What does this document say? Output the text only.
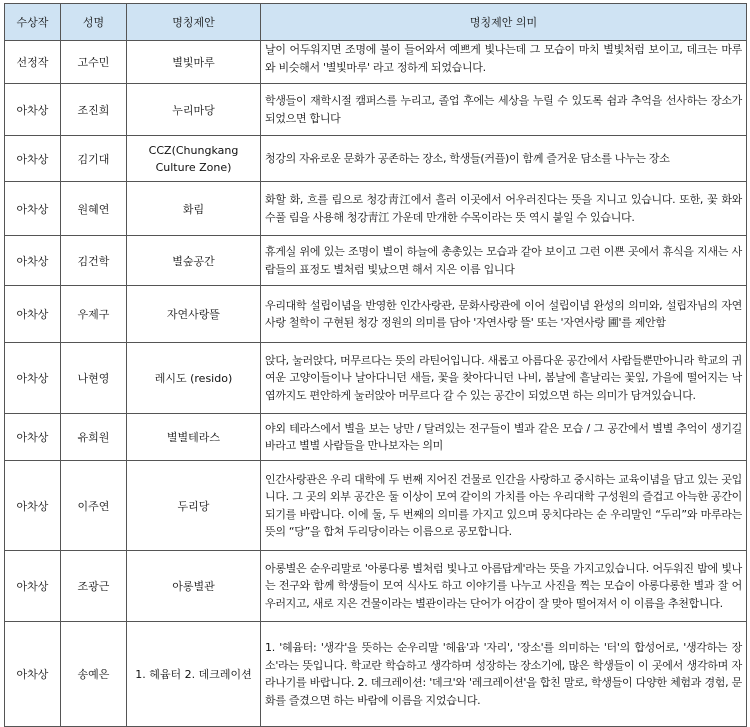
수상작	성명	명칭제안	명칭제안 의미
선정작	고수민	별빛마루	날이 어두워지면 조명에 불이 들어와서 예쁘게 빛나는데 그 모습이 마치 별빛처럼 보이고, 데크는 마루와 비슷해서 '별빛마루' 라고 정하게 되었습니다.
아차상	조진희	누리마당	학생들이 재학시절 캠퍼스를 누리고, 졸업 후에는 세상을 누릴 수 있도록 쉼과 추억을 선사하는 장소가 되었으면 합니다
아차상	김기대	CCZ(Chungkang Culture Zone)	청강의 자유로운 문화가 공존하는 장소, 학생들(커플)이 함께 즐거운 담소를 나누는 장소
아차상	원혜연	화림	화할 화, 흐를 림으로 청강靑江에서 흘러 이곳에서 어우러진다는 뜻을 지니고 있습니다. 또한, 꽃 화와 수풀 림을 사용해 청강靑江 가운데 만개한 수목이라는 뜻 역시 붙일 수 있습니다.
아차상	김건학	별숲공간	휴게실 위에 있는 조명이 별이 하늘에 총총있는 모습과 같아 보이고 그런 이쁜 곳에서 휴식을 지새는 사람들의 표정도 별처럼 빛났으면 해서 지은 이름 입니다
아차상	우제구	자연사랑뜰	우리대학 설립이념을 반영한 인간사랑관, 문화사랑관에 이어 설립이념 완성의 의미와, 설립자님의 자연사랑 철학이 구현된 청강 정원의 의미를 담아 '자연사랑 뜰' 또는 '자연사랑 圃'를 제안함
아차상	나현영	레시도 (resido)	앉다, 눌러앉다, 머무르다는 뜻의 라틴어입니다. 새롭고 아름다운 공간에서 사람들뿐만아니라 학교의 귀여운 고양이들이나 날아다니던 새들, 꽃을 찾아다니던 나비, 봄날에 흩날리는 꽃잎, 가을에 떨어지는 낙엽까지도 편안하게 눌러앉아 머무르다 갈 수 있는 공간이 되었으면 하는 의미가 담겨있습니다.
아차상	유희원	별별테라스	야외 테라스에서 별을 보는 낭만 / 달려있는 전구들이 별과 같은 모습 / 그 공간에서 별별 추억이 생기길 바라고 별별 사람들을 만나보자는 의미
아차상	이주연	두리당	인간사랑관은 우리 대학에 두 번째 지어진 건물로 인간을 사랑하고 중시하는 교육이념을 담고 있는 곳입니다. 그 곳의 외부 공간은 둘 이상이 모여 같이의 가치를 아는 우리대학 구성원의 즐겁고 아늑한 공간이 되기를 바랍니다. 이에 둘, 두 번째의 의미를 가지고 있으며 뭉치다라는 순 우리말인 “두리”와 마루라는 뜻의 “당”을 합쳐 두리당이라는 이름으로 공모합니다.
아차상	조광근	아롱별관	아롱별은 순우리말로 '아롱다롱 별처럼 빛나고 아름답게'라는 뜻을 가지고있습니다. 어두워진 밤에 빛나는 전구와 함께 학생들이 모여 식사도 하고 이야기를 나누고 사진을 찍는 모습이 아롱다롱한 별과 잘 어우러지고, 새로 지은 건물이라는 별관이라는 단어가 어감이 잘 맞아 떨어져서 이 이름을 추천합니다.
아차상	송예은	1. 헤윰터 2. 데크레이션	1. '헤윰터: '생각'을 뜻하는 순우리말 '헤윰'과 '자리', '장소'를 의미하는 '터'의 합성어로, '생각하는 장소'라는 뜻입니다. 학교란 학습하고 생각하며 성장하는 장소기에, 많은 학생들이 이 곳에서 생각하며 자라나기를 바랍니다. 2. 데크레이션: '데크'와 '레크레이션'을 합친 말로, 학생들이 다양한 체험과 경험, 문화를 즐겼으면 하는 바람에 이름을 지었습니다.
